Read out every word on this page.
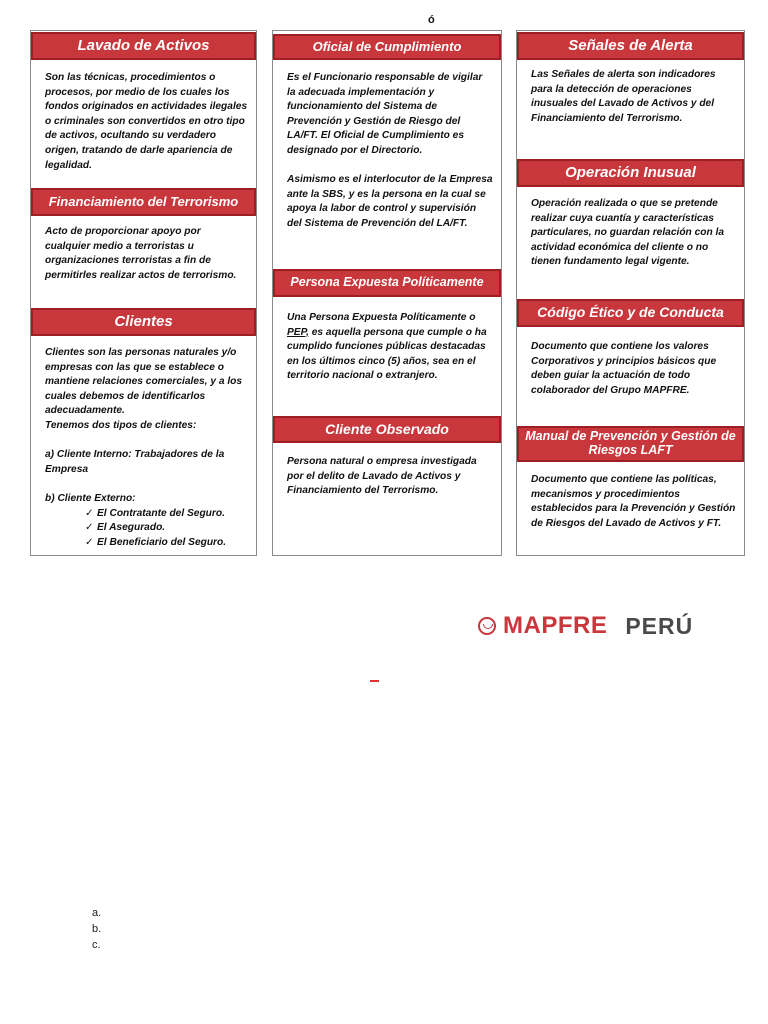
ó
Lavado de Activos

Son las técnicas, procedimientos o procesos, por medio de los cuales los fondos originados en actividades ilegales o criminales son convertidos en otro tipo de activos, ocultando su verdadero origen, tratando de darle apariencia de legalidad.

Financiamiento del Terrorismo

Acto de proporcionar apoyo por cualquier medio a terroristas u organizaciones terroristas a fin de permitirles realizar actos de terrorismo.

Clientes

Clientes son las personas naturales y/o empresas con las que se establece o mantiene relaciones comerciales, y a los cuales debemos de identificarlos adecuadamente.

Tenemos dos tipos de clientes:

a) Cliente Interno: Trabajadores de la Empresa

b) Cliente Externo:

✓ El Contratante del Seguro.
✓ El Asegurado.
✓ El Beneficiario del Seguro.
Oficial de Cumplimiento

Es el Funcionario responsable de vigilar la adecuada implementación y funcionamiento del Sistema de Prevención y Gestión de Riesgo del LA/FT. El Oficial de Cumplimiento es designado por el Directorio.

Asimismo es el interlocutor de la Empresa ante la SBS, y es la persona en la cual se apoya la labor de control y supervisión del Sistema de Prevención del LA/FT.

Persona Expuesta Políticamente

Una Persona Expuesta Políticamente o PEP, es aquella persona que cumple o ha cumplido funciones públicas destacadas en los últimos cinco (5) años, sea en el territorio nacional o extranjero.

Cliente Observado

Persona natural o empresa investigada por el delito de Lavado de Activos y Financiamiento del Terrorismo.

Señales de Alerta

Las Señales de alerta son indicadores para la detección de operaciones inusuales del Lavado de Activos y del Financiamiento del Terrorismo.

Operación Inusual

Operación realizada o que se pretende realizar cuya cuantía y características particulares, no guardan relación con la actividad económica del cliente o no tienen fundamento legal vigente.

Código Ético y de Conducta

Documento que contiene los valores Corporativos y principios básicos que deben guiar la actuación de todo colaborador del Grupo MAPFRE.

Manual de Prevención y Gestión de Riesgos LAFT

Documento que contiene las políticas, mecanismos y procedimientos establecidos para la Prevención y Gestión de Riesgos del Lavado de Activos y FT.

MAPFRE PERÚ
a.
b.
c.
